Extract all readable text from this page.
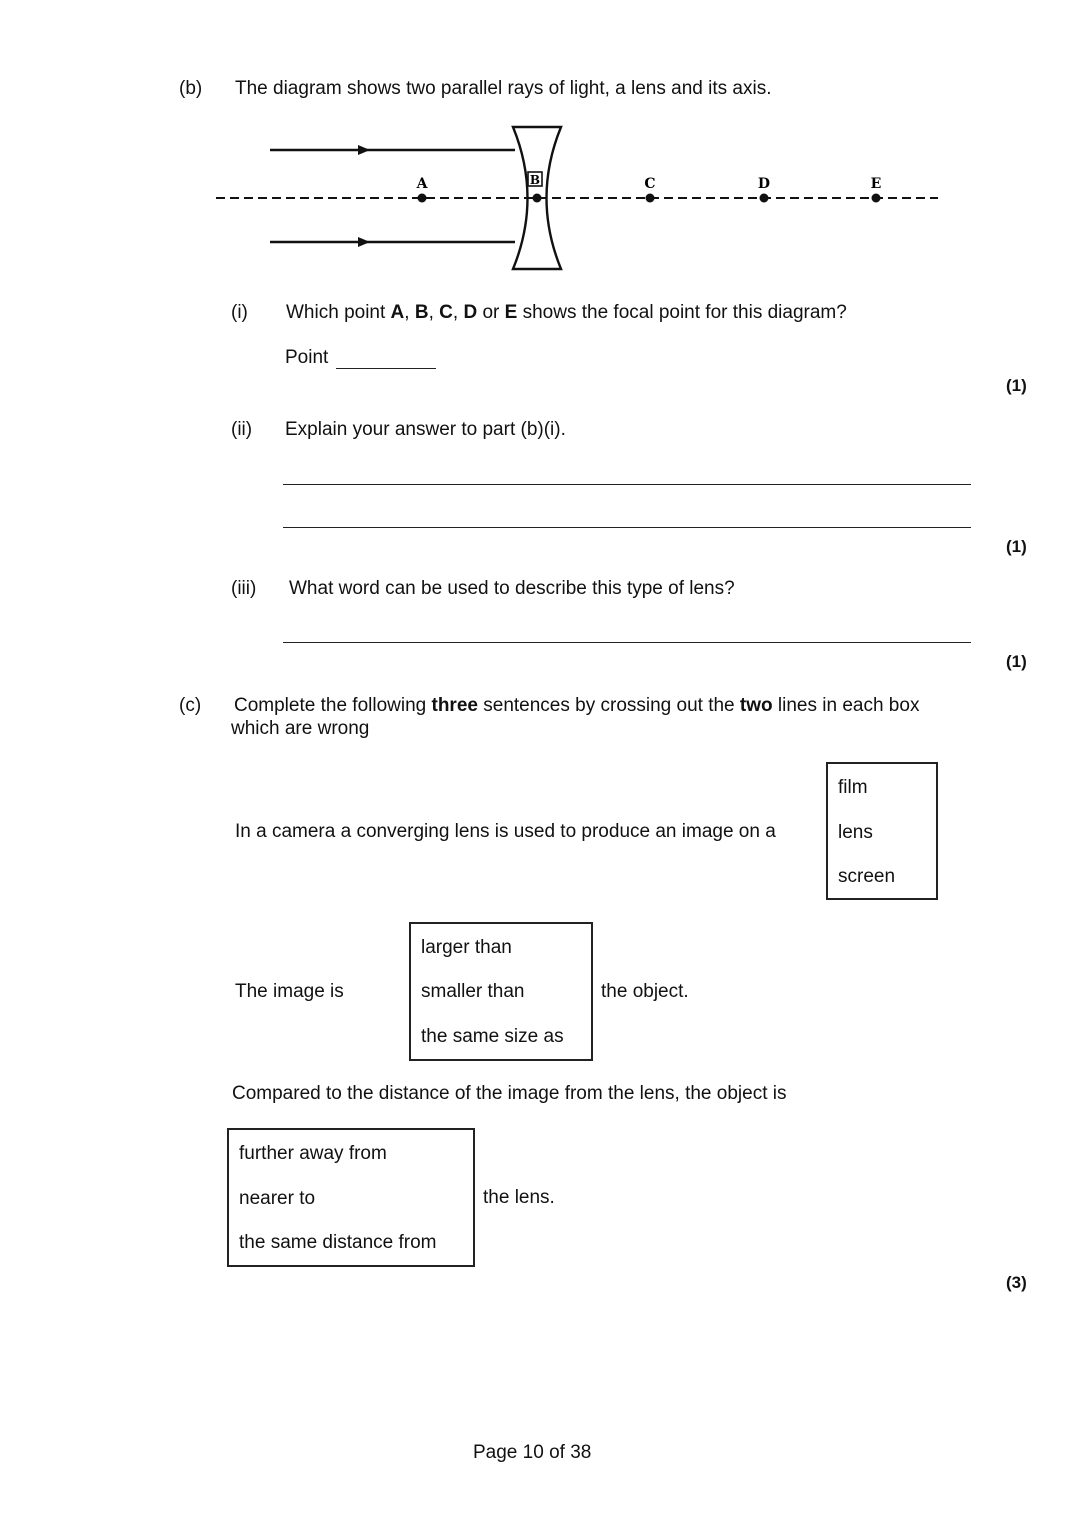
(b) The diagram shows two parallel rays of light, a lens and its axis.
A	B	C	D	E
(i) Which point A, B, C, D or E shows the focal point for this diagram?
Point
(1)
(ii) Explain your answer to part (b)(i).
(1)
(iii) What word can be used to describe this type of lens?
(1)
(c) Complete the following three sentences by crossing out the two lines in each box
which are wrong
In a camera a converging lens is used to produce an image on a
film
lens
screen
The image is
larger than
smaller than
the same size as
the object.
Compared to the distance of the image from the lens, the object is
further away from
nearer to
the same distance from
the lens.
(3)
Page 10 of 38
